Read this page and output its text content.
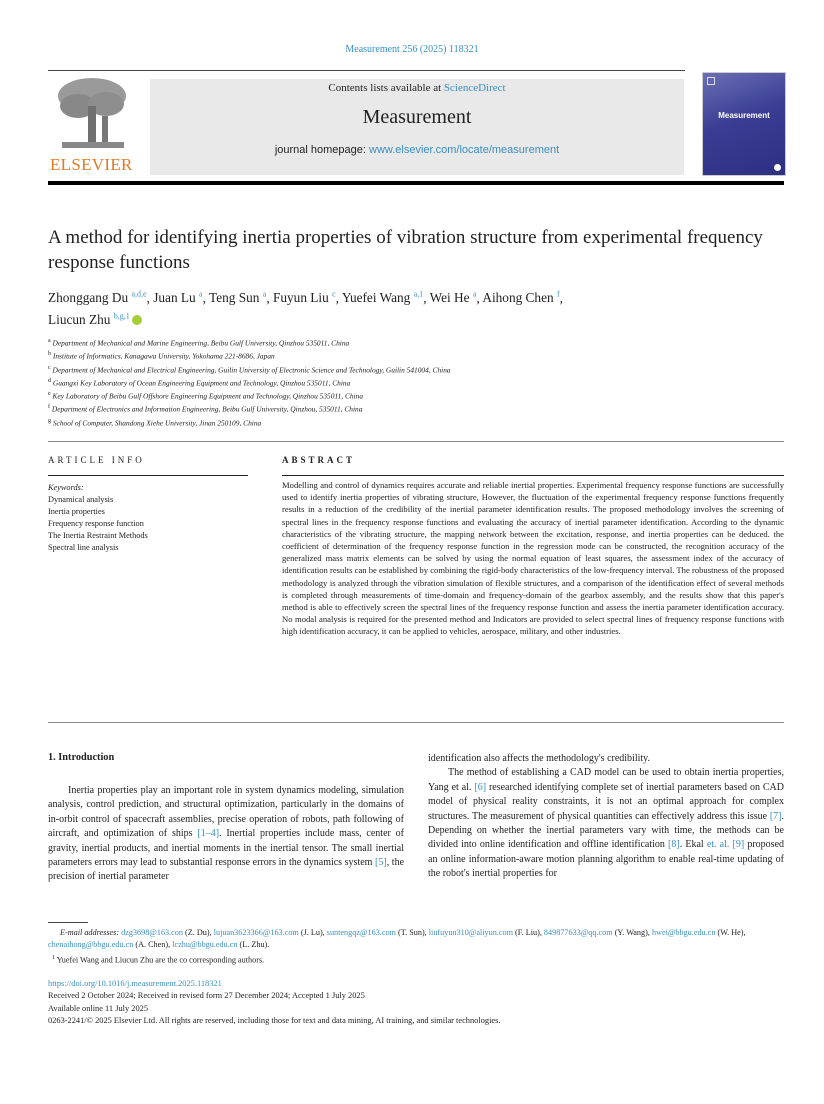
Measurement 256 (2025) 118321
ELSEVIER
Contents lists available at ScienceDirect
Measurement
journal homepage: www.elsevier.com/locate/measurement
Measurement
A method for identifying inertia properties of vibration structure from experimental frequency response functions
Zhonggang Du $^{a,d,e}$, Juan Lu $^a$, Teng Sun $^a$, Fuyun Liu $^c$, Yuefei Wang $^{a,1}$, Wei He $^a$, Aihong Chen $^f$,
Liucun Zhu $^{b,g,1}$
$^a$ Department of Mechanical and Marine Engineering, Beibu Gulf University, Qinzhou 535011, China
$^b$ Institute of Informatics, Kanagawa University, Yokohama 221-8686, Japan
$^c$ Department of Mechanical and Electrical Engineering, Guilin University of Electronic Science and Technology, Guilin 541004, China
$^d$ Guangxi Key Laboratory of Ocean Engineering Equipment and Technology, Qinzhou 535011, China
$^e$ Key Laboratory of Beibu Gulf Offshore Engineering Equipment and Technology, Qinzhou 535011, China
$^f$ Department of Electronics and Information Engineering, Beibu Gulf University, Qinzhou, 535011, China
$^g$ School of Computer, Shandong Xiehe University, Jinan 250109, China
ARTICLE INFO
Keywords:
Dynamical analysis
Inertia properties
Frequency response function
The Inertia Restraint Methods
Spectral line analysis
ABSTRACT
Modelling and control of dynamics requires accurate and reliable inertial properties. Experimental frequency response functions are successfully used to identify inertia properties of vibrating structure, However, the fluctuation of the experimental frequency response functions frequently results in a reduction of the credibility of the inertial parameter identification results. The proposed methodology involves the screening of spectral lines in the frequency response functions and evaluating the accuracy of inertial parameter identification. According to the dynamic characteristics of the vibrating structure, the mapping network between the excitation, response, and inertia properties can be deduced. the coefficient of determination of the frequency response function in the regression mode can be constructed, the recognition accuracy of the generalized mass matrix elements can be solved by using the normal equation of least squares, the assessment index of the accuracy of identification results can be established by combining the rigid-body characteristics of the low-frequency interval. The robustness of the proposed methodology is analyzed through the vibration simulation of flexible structures, and a comparison of the identification effect of several methods is completed through measurements of time-domain and frequency-domain of the gearbox assembly, and the results show that this paper's method is able to effectively screen the spectral lines of the frequency response function and assess the inertia parameter identification accuracy. No modal analysis is required for the presented method and Indicators are provided to select spectral lines of frequency response functions with high identification accuracy, it can be applied to vehicles, aerospace, military, and other industries.
1. Introduction

Inertia properties play an important role in system dynamics modeling, simulation analysis, control prediction, and structural optimization, particularly in the domains of in-orbit control of spacecraft assemblies, precise operation of robots, path following of aircraft, and optimization of ships [1–4]. Inertial properties include mass, center of gravity, inertial products, and inertial moments in the inertial tensor. The small inertial parameters errors may lead to substantial response errors in the dynamics system [5], the precision of inertial parameter

identification also affects the methodology's credibility.

The method of establishing a CAD model can be used to obtain inertia properties, Yang et al. [6] researched identifying complete set of inertial parameters based on CAD model of physical reality constraints, it is not an optimal approach for complex structures. The measurement of physical quantities can effectively address this issue [7]. Depending on whether the inertial parameters vary with time, the methods can be divided into online identification and offline identification [8]. Ekal et. al. [9] proposed an online information-aware motion planning algorithm to enable real-time updating of the robot's inertial properties for

E-mail addresses: dzg3698@163.con (Z. Du), lujuan3623366@163.com (J. Lu), suntengqz@163.com (T. Sun), liufuyun310@aliyun.com (F. Liu), 849877633@qq.com (Y. Wang), hwei@bbgu.edu.cn (W. He), chenaihong@bbgu.edu.cn (A. Chen), lczhu@bbgu.edu.cn (L. Zhu).
$^1$ Yuefei Wang and Liucun Zhu are the co corresponding authors.
https://doi.org/10.1016/j.measurement.2025.118321
Received 2 October 2024; Received in revised form 27 December 2024; Accepted 1 July 2025
Available online 11 July 2025
0263-2241/© 2025 Elsevier Ltd. All rights are reserved, including those for text and data mining, AI training, and similar technologies.
